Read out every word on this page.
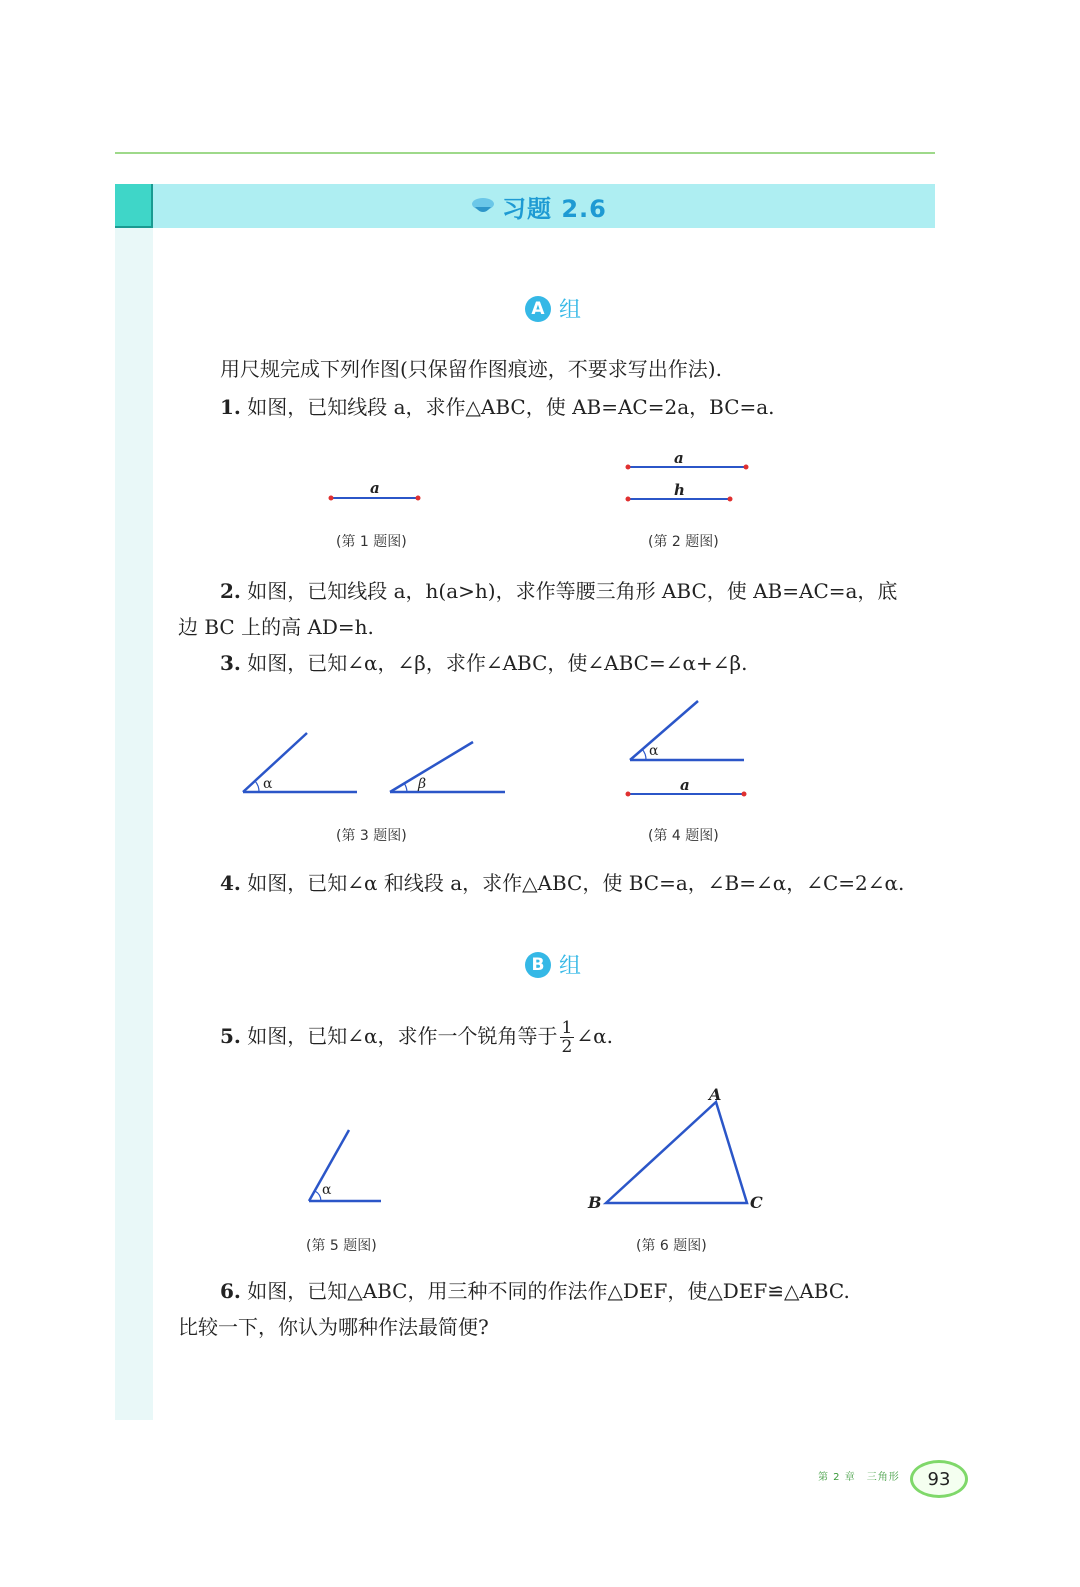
习题 2.6
A 组
用尺规完成下列作图(只保留作图痕迹，不要求写出作法).
1. 如图，已知线段 a，求作△ABC，使 AB=AC=2a，BC=a.
a
(第 1 题图)
a
h
(第 2 题图)
2. 如图，已知线段 a，h(a>h)，求作等腰三角形 ABC，使 AB=AC=a，底
边 BC 上的高 AD=h.
3. 如图，已知∠α，∠β，求作∠ABC，使∠ABC=∠α+∠β.
α	β
(第 3 题图)
α
a
(第 4 题图)
4. 如图，已知∠α 和线段 a，求作△ABC，使 BC=a，∠B=∠α，∠C=2∠α.
B 组
5. 如图，已知∠α，求作一个锐角等于 $\frac{1}{2}$ ∠α.
α
(第 5 题图)
A
B	C
(第 6 题图)
6. 如图，已知△ABC，用三种不同的作法作△DEF，使△DEF≌△ABC.
比较一下，你认为哪种作法最简便?
第 2 章　三角形	93
